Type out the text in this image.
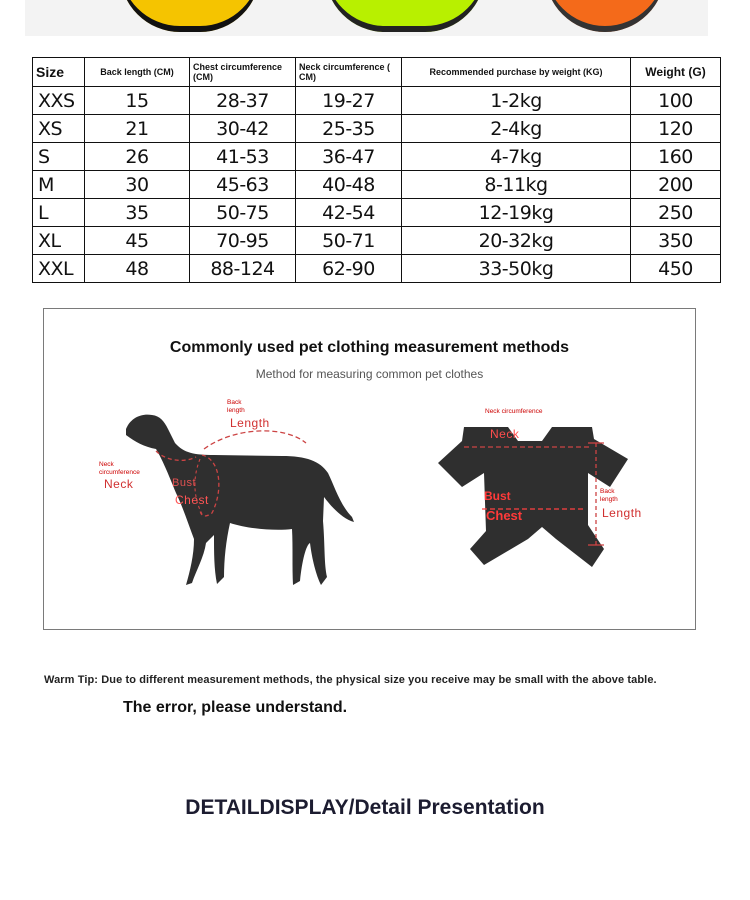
Size	Back length (CM)	Chest circumference (CM)	Neck circumference ( CM)	Recommended purchase by weight (KG)	Weight (G)
XXS	15	28-37	19-27	1-2kg	100
XS	21	30-42	25-35	2-4kg	120
S	26	41-53	36-47	4-7kg	160
M	30	45-63	40-48	8-11kg	200
L	35	50-75	42-54	12-19kg	250
XL	45	70-95	50-71	20-32kg	350
XXL	48	88-124	62-90	33-50kg	450
Commonly used pet clothing measurement methods
Method for measuring common pet clothes
Back length
Length
Neck circumference
Neck	Bust
Chest
Neck circumference
Neck
Bust
Chest
Back length
Length
Warm Tip: Due to different measurement methods, the physical size you receive may be small with the above table.
The error, please understand.
DETAILDISPLAY/Detail Presentation
